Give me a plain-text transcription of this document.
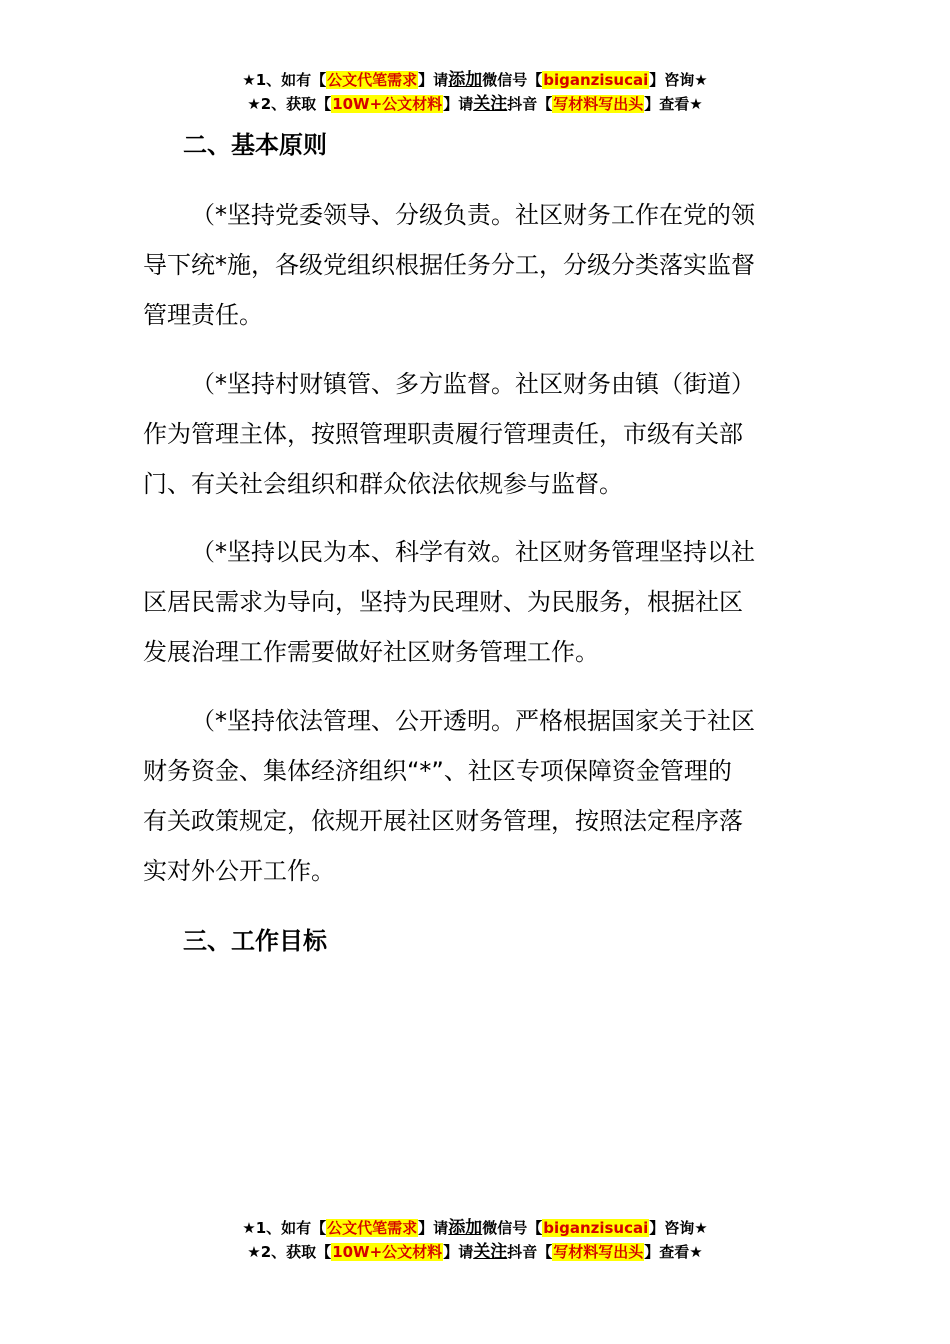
★1、如有【公文代笔需求】请添加微信号【biganzisucai】咨询★
★2、获取【10W+公文材料】请关注抖音【写材料写出头】查看★
二、基本原则
（*坚持党委领导、分级负责。社区财务工作在党的领
导下统*施，各级党组织根据任务分工，分级分类落实监督
管理责任。
（*坚持村财镇管、多方监督。社区财务由镇（街道）
作为管理主体，按照管理职责履行管理责任，市级有关部
门、有关社会组织和群众依法依规参与监督。
（*坚持以民为本、科学有效。社区财务管理坚持以社
区居民需求为导向，坚持为民理财、为民服务，根据社区
发展治理工作需要做好社区财务管理工作。
（*坚持依法管理、公开透明。严格根据国家关于社区
财务资金、集体经济组织“*”、社区专项保障资金管理的
有关政策规定，依规开展社区财务管理，按照法定程序落
实对外公开工作。
三、工作目标
★1、如有【公文代笔需求】请添加微信号【biganzisucai】咨询★
★2、获取【10W+公文材料】请关注抖音【写材料写出头】查看★
